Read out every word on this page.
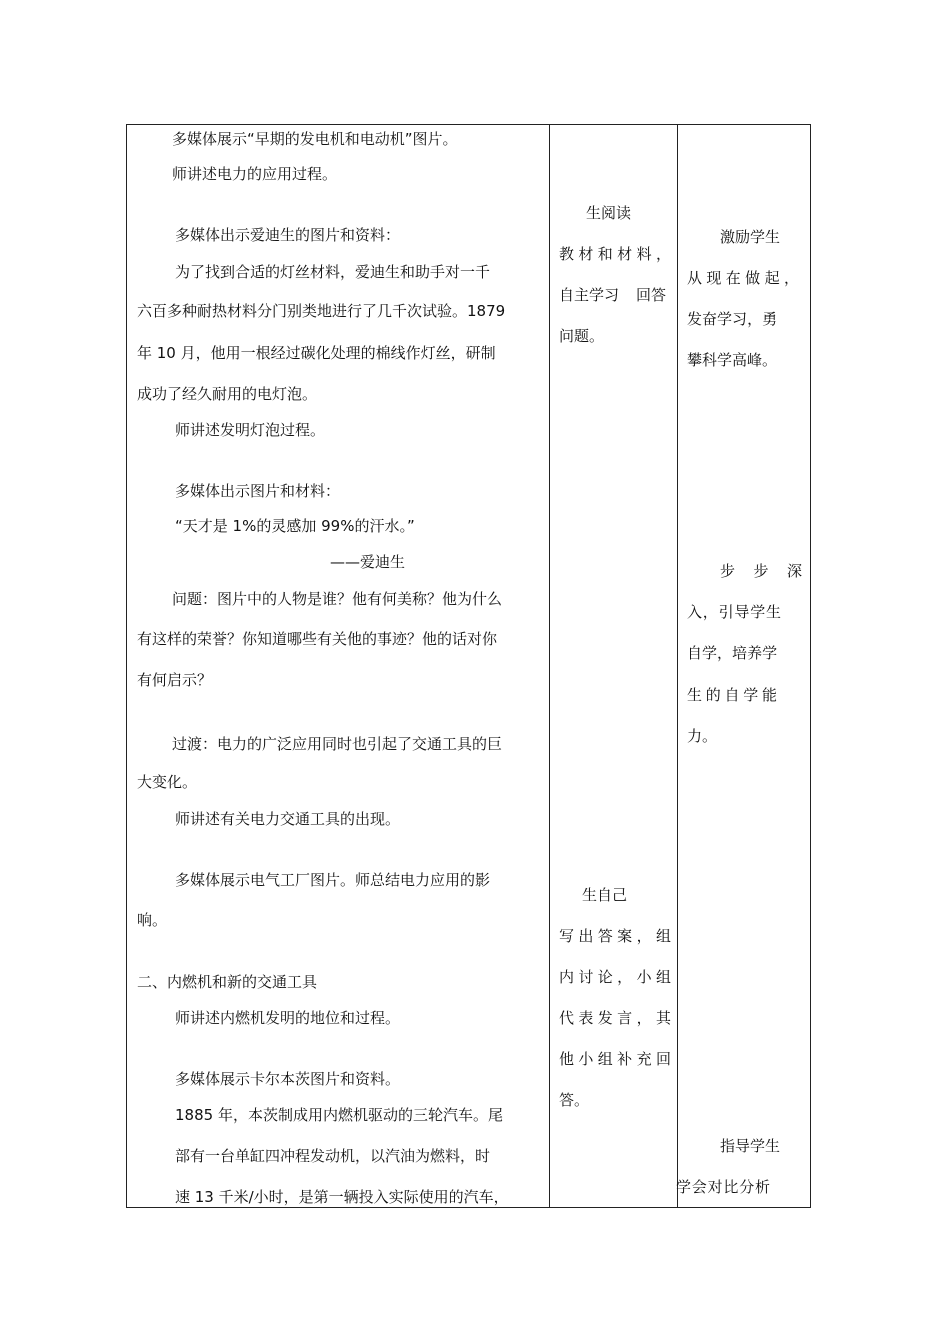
多媒体展示“早期的发电机和电动机”图片。
师讲述电力的应用过程。
多媒体出示爱迪生的图片和资料：
为了找到合适的灯丝材料，爱迪生和助手对一千
六百多种耐热材料分门别类地进行了几千次试验。1879
年 10 月，他用一根经过碳化处理的棉线作灯丝，研制
成功了经久耐用的电灯泡。
师讲述发明灯泡过程。
多媒体出示图片和材料：
“天才是 1%的灵感加 99%的汗水。”
——爱迪生
问题：图片中的人物是谁？他有何美称？他为什么
有这样的荣誉？你知道哪些有关他的事迹？他的话对你
有何启示？
过渡：电力的广泛应用同时也引起了交通工具的巨
大变化。
师讲述有关电力交通工具的出现。
多媒体展示电气工厂图片。师总结电力应用的影
响。
二、内燃机和新的交通工具
师讲述内燃机发明的地位和过程。
多媒体展示卡尔本茨图片和资料。
1885 年，本茨制成用内燃机驱动的三轮汽车。尾
部有一台单缸四冲程发动机，以汽油为燃料，时
速 13 千米/小时，是第一辆投入实际使用的汽车，
生阅读
教 材 和 材 料 ，
自主学习 回答
问题。
生自己
写 出 答 案 ， 组
内 讨 论 ， 小 组
代 表 发 言 ， 其
他 小 组 补 充 回
答。
激励学生
从 现 在 做 起 ，
发 奋 学 习 ， 勇
攀科学高峰。
步 步 深
入 ， 引 导 学 生
自 学 ， 培 养 学
生 的 自 学 能
力。
指导学生
学 会 对 比 分 析
